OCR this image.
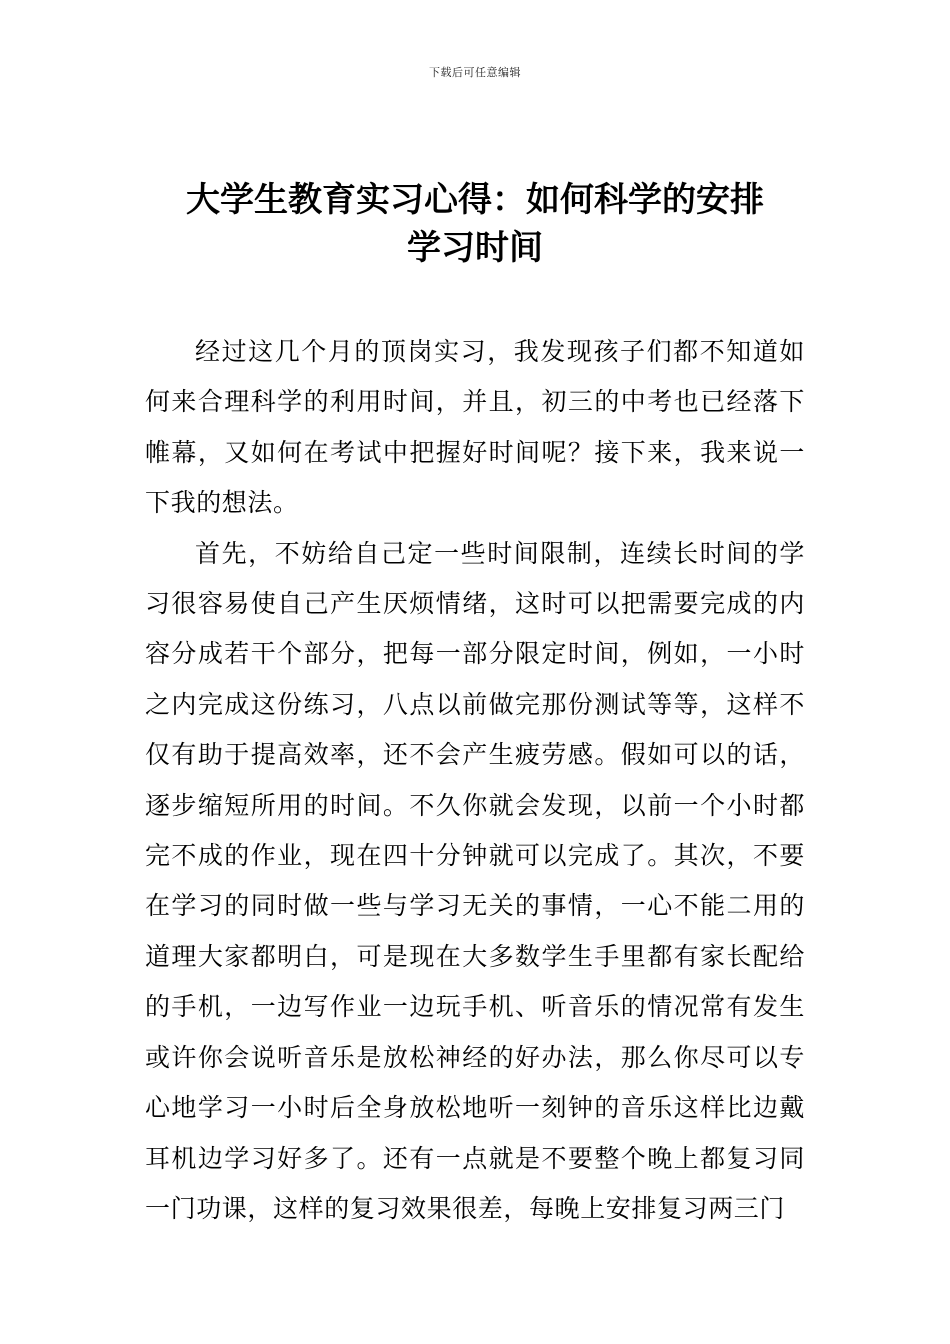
下载后可任意编辑
大学生教育实习心得：如何科学的安排
学习时间

经过这几个月的顶岗实习，我发现孩子们都不知道如何来合理科学的利用时间，并且，初三的中考也已经落下帷幕，又如何在考试中把握好时间呢？接下来，我来说一下我的想法。

首先，不妨给自己定一些时间限制，连续长时间的学习很容易使自己产生厌烦情绪，这时可以把需要完成的内容分成若干个部分，把每一部分限定时间，例如，一小时之内完成这份练习，八点以前做完那份测试等等，这样不仅有助于提高效率，还不会产生疲劳感。假如可以的话，逐步缩短所用的时间。不久你就会发现，以前一个小时都完不成的作业，现在四十分钟就可以完成了。其次，不要在学习的同时做一些与学习无关的事情，一心不能二用的道理大家都明白，可是现在大多数学生手里都有家长配给的手机，一边写作业一边玩手机、听音乐的情况常有发生或许你会说听音乐是放松神经的好办法，那么你尽可以专心地学习一小时后全身放松地听一刻钟的音乐这样比边戴耳机边学习好多了。还有一点就是不要整个晚上都复习同一门功课，这样的复习效果很差，每晚上安排复习两三门
